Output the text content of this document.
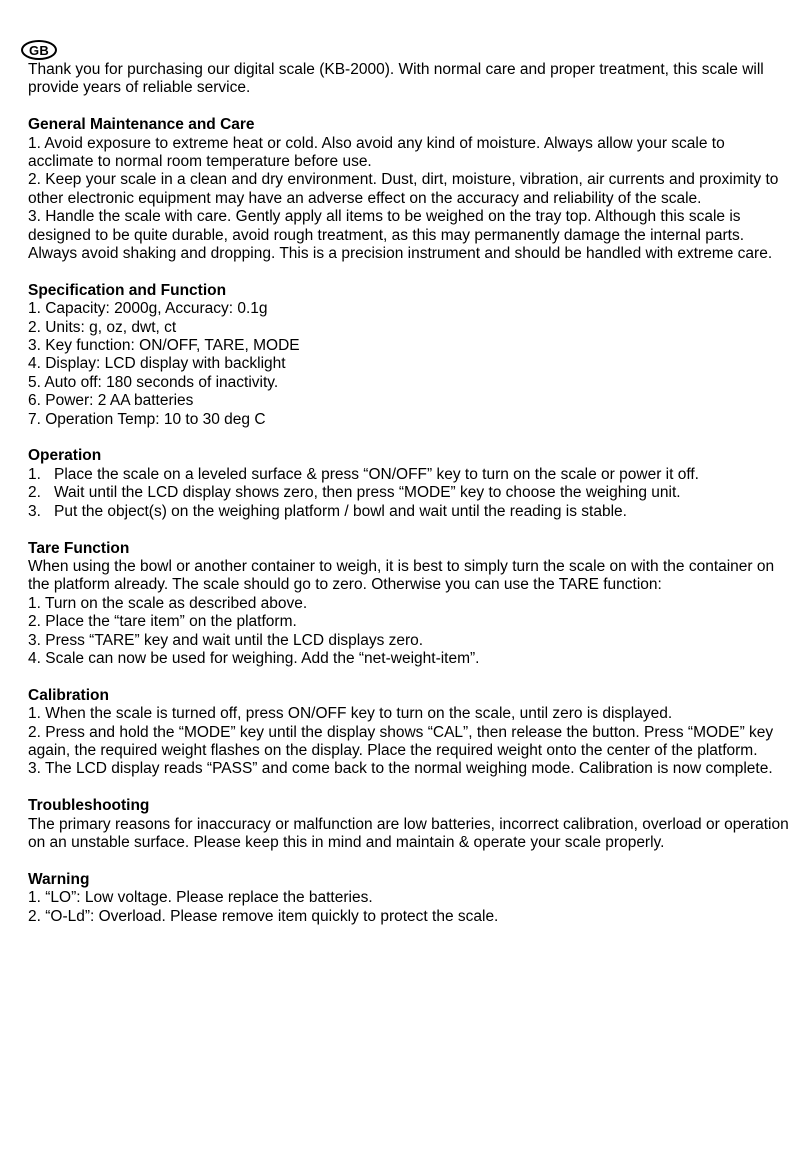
GB

Thank you for purchasing our digital scale (KB-2000). With normal care and proper treatment, this scale will provide years of reliable service.

General Maintenance and Care

1. Avoid exposure to extreme heat or cold. Also avoid any kind of moisture. Always allow your scale to acclimate to normal room temperature before use.

2. Keep your scale in a clean and dry environment. Dust, dirt, moisture, vibration, air currents and proximity to other electronic equipment may have an adverse effect on the accuracy and reliability of the scale.

3. Handle the scale with care. Gently apply all items to be weighed on the tray top. Although this scale is designed to be quite durable, avoid rough treatment, as this may permanently damage the internal parts. Always avoid shaking and dropping. This is a precision instrument and should be handled with extreme care.

Specification and Function

1. Capacity: 2000g, Accuracy: 0.1g

2. Units: g, oz, dwt, ct

3. Key function: ON/OFF, TARE, MODE

4. Display: LCD display with backlight

5. Auto off: 180 seconds of inactivity.

6. Power: 2 AA batteries

7. Operation Temp: 10 to 30 deg C

Operation

1. Place the scale on a leveled surface & press “ON/OFF” key to turn on the scale or power it off.
2. Wait until the LCD display shows zero, then press “MODE” key to choose the weighing unit.
3. Put the object(s) on the weighing platform / bowl and wait until the reading is stable.

Tare Function

When using the bowl or another container to weigh, it is best to simply turn the scale on with the container on the platform already. The scale should go to zero. Otherwise you can use the TARE function:

1. Turn on the scale as described above.

2. Place the “tare item” on the platform.

3. Press “TARE” key and wait until the LCD displays zero.

4. Scale can now be used for weighing. Add the “net-weight-item”.

Calibration

1. When the scale is turned off, press ON/OFF key to turn on the scale, until zero is displayed.

2. Press and hold the “MODE” key until the display shows “CAL”, then release the button. Press “MODE” key again, the required weight flashes on the display. Place the required weight onto the center of the platform.

3. The LCD display reads “PASS” and come back to the normal weighing mode. Calibration is now complete.

Troubleshooting

The primary reasons for inaccuracy or malfunction are low batteries, incorrect calibration, overload or operation on an unstable surface. Please keep this in mind and maintain & operate your scale properly.

Warning

1. “LO”: Low voltage. Please replace the batteries.

2. “O-Ld”: Overload. Please remove item quickly to protect the scale.
